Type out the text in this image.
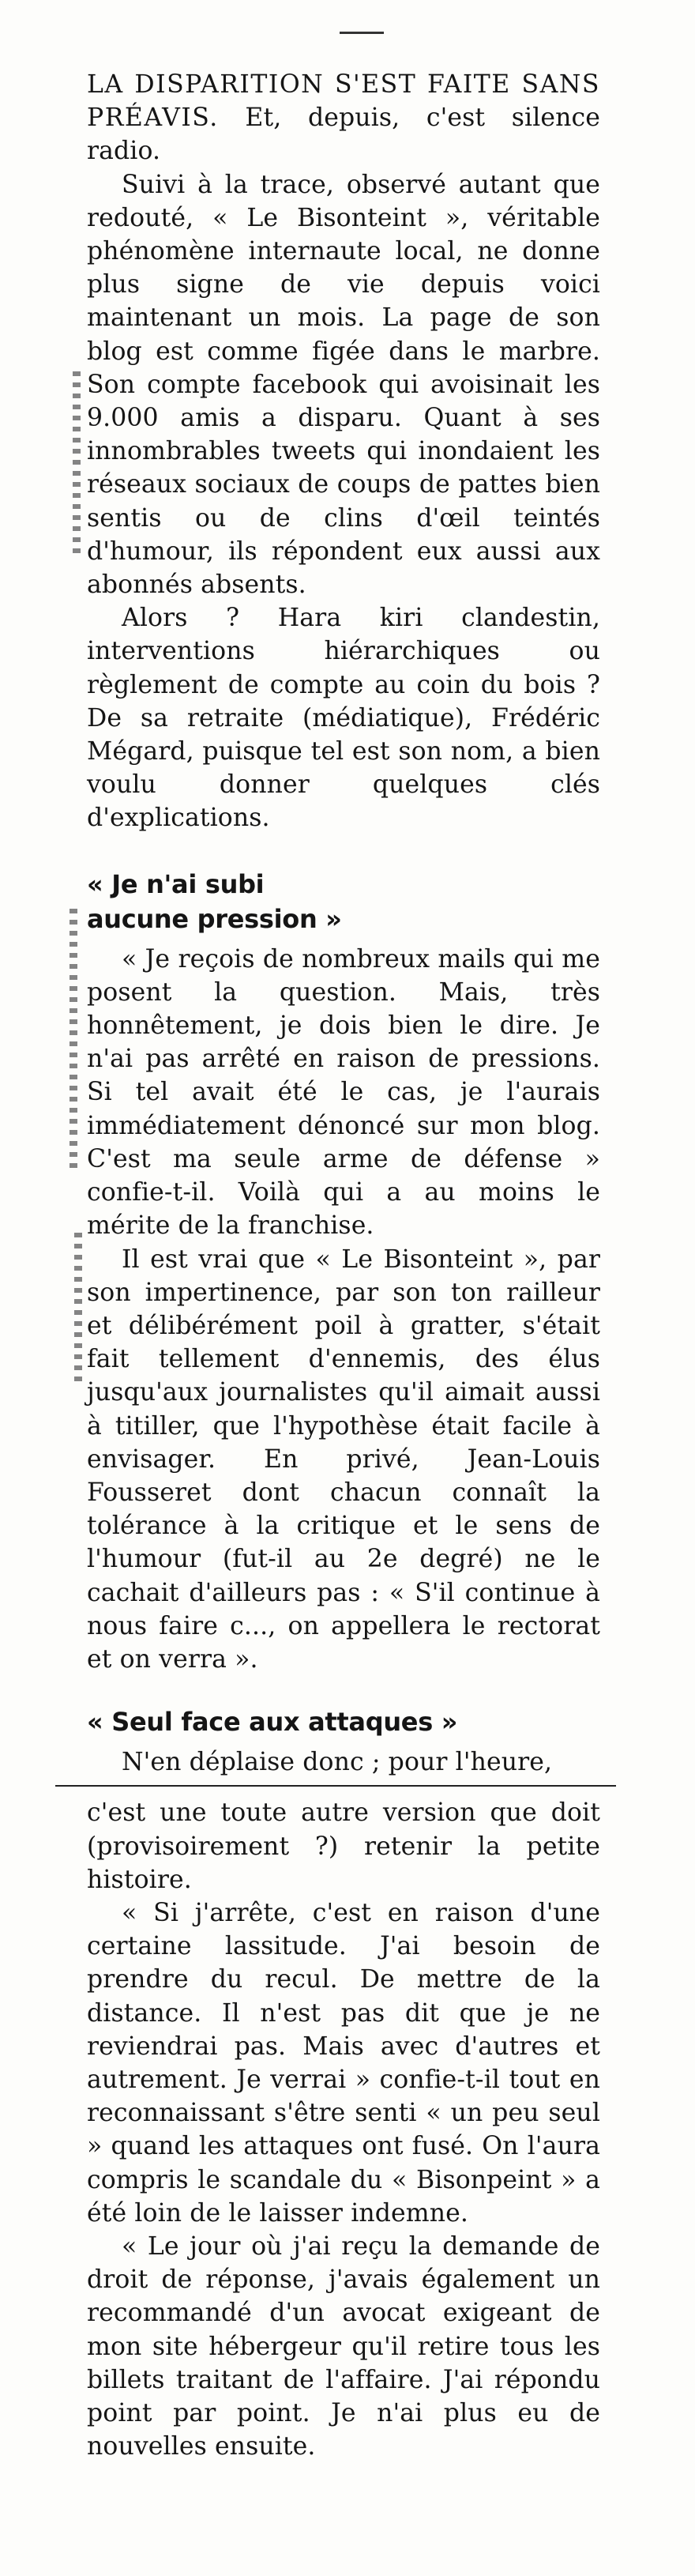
LA DISPARITION S'EST FAITE SANS PRÉAVIS. Et, depuis, c'est silence radio.

Suivi à la trace, observé autant que redouté, « Le Bisonteint », véritable phénomène internaute local, ne donne plus signe de vie depuis voici maintenant un mois. La page de son blog est comme figée dans le marbre. Son compte facebook qui avoisinait les 9.000 amis a disparu. Quant à ses innombrables tweets qui inondaient les réseaux sociaux de coups de pattes bien sentis ou de clins d'œil teintés d'humour, ils répondent eux aussi aux abonnés absents.

Alors ? Hara kiri clandestin, interventions hiérarchiques ou règlement de compte au coin du bois ? De sa retraite (médiatique), Frédéric Mégard, puisque tel est son nom, a bien voulu donner quelques clés d'explications.

« Je n'ai subi
aucune pression »

« Je reçois de nombreux mails qui me posent la question. Mais, très honnêtement, je dois bien le dire. Je n'ai pas arrêté en raison de pressions. Si tel avait été le cas, je l'aurais immédiatement dénoncé sur mon blog. C'est ma seule arme de défense » confie-t-il. Voilà qui a au moins le mérite de la franchise.

Il est vrai que « Le Bisonteint », par son impertinence, par son ton railleur et délibérément poil à gratter, s'était fait tellement d'ennemis, des élus jusqu'aux journalistes qu'il aimait aussi à titiller, que l'hypothèse était facile à envisager. En privé, Jean-Louis Fousseret dont chacun connaît la tolérance à la critique et le sens de l'humour (fut-il au 2e degré) ne le cachait d'ailleurs pas : « S'il continue à nous faire c..., on appellera le rectorat et on verra ».

« Seul face aux attaques »

N'en déplaise donc ; pour l'heure,

c'est une toute autre version que doit (provisoirement ?) retenir la petite histoire.

« Si j'arrête, c'est en raison d'une certaine lassitude. J'ai besoin de prendre du recul. De mettre de la distance. Il n'est pas dit que je ne reviendrai pas. Mais avec d'autres et autrement. Je verrai » confie-t-il tout en reconnaissant s'être senti « un peu seul » quand les attaques ont fusé. On l'aura compris le scandale du « Bisonpeint » a été loin de le laisser indemne.

« Le jour où j'ai reçu la demande de droit de réponse, j'avais également un recommandé d'un avocat exigeant de mon site hébergeur qu'il retire tous les billets traitant de l'affaire. J'ai répondu point par point. Je n'ai plus eu de nouvelles ensuite.
